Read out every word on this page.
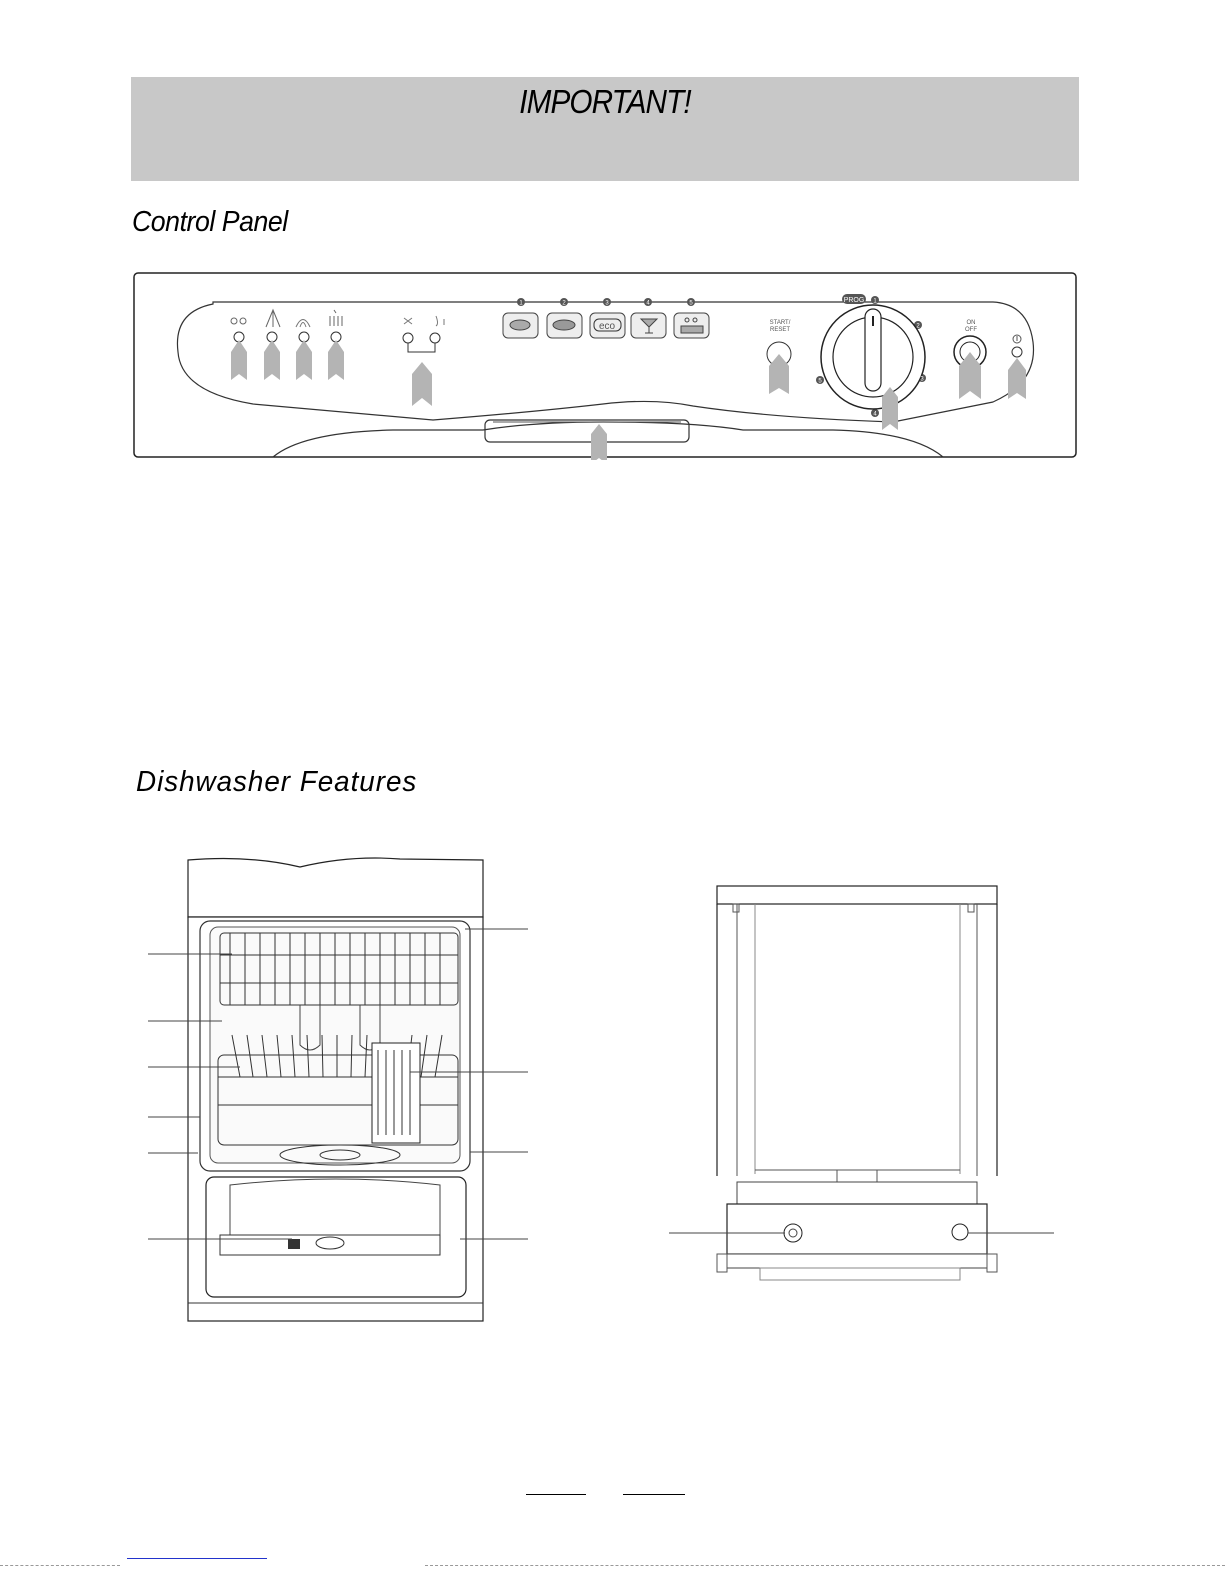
IMPORTANT!
Control Panel
eco	START/
RESET
PROG
ON
OFF
1	2	3	4	5	1
2
3
4
5
Dishwasher Features
